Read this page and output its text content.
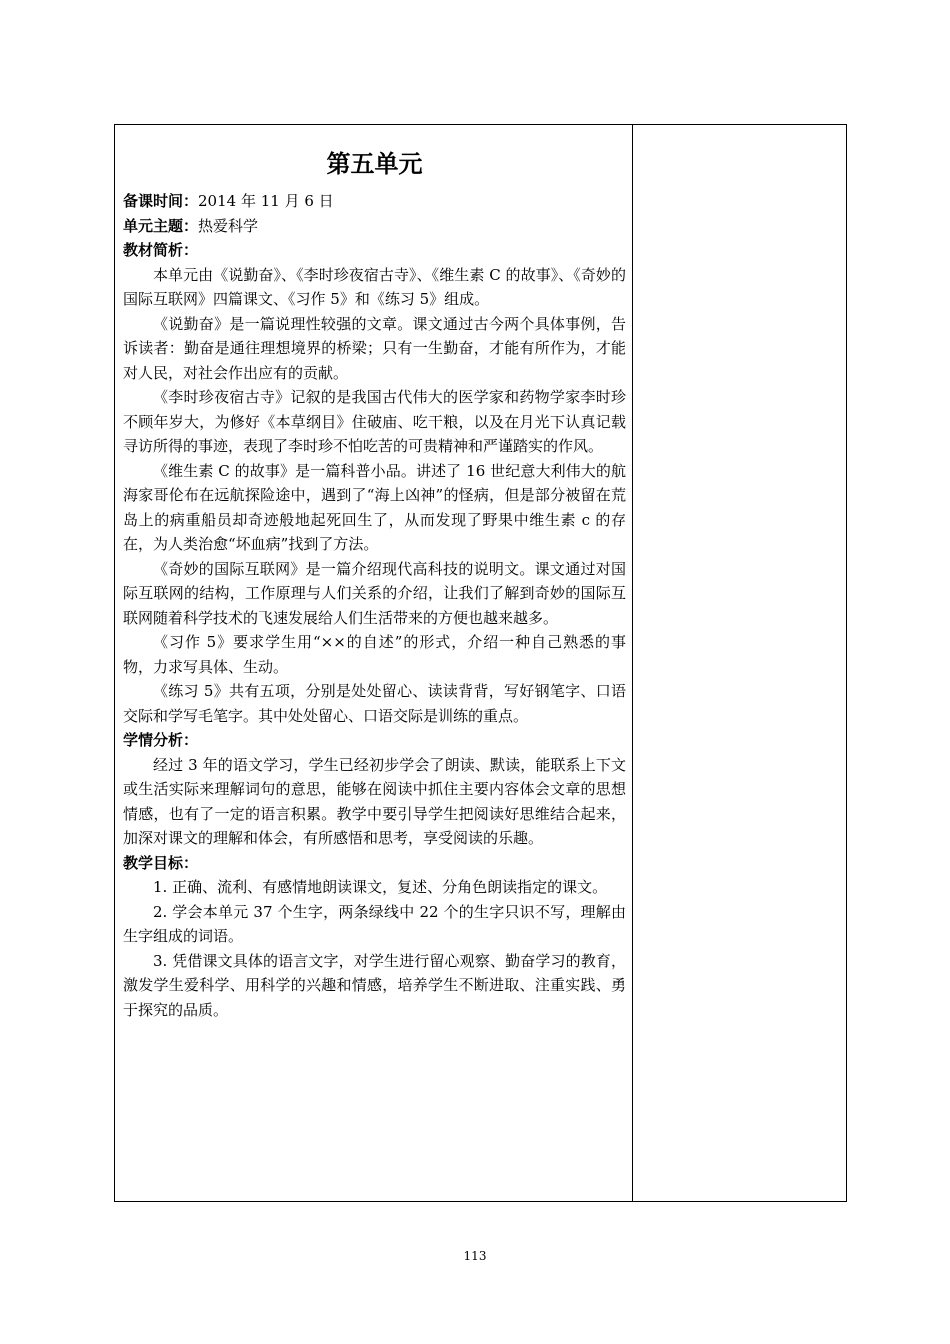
第五单元
备课时间：2014 年 11 月 6 日
单元主题：热爱科学
教材简析：

本单元由《说勤奋》、《李时珍夜宿古寺》、《维生素 C 的故事》、《奇妙的国际互联网》四篇课文、《习作 5》和《练习 5》组成。

《说勤奋》是一篇说理性较强的文章。课文通过古今两个具体事例，告诉读者：勤奋是通往理想境界的桥梁；只有一生勤奋，才能有所作为，才能对人民，对社会作出应有的贡献。

《李时珍夜宿古寺》记叙的是我国古代伟大的医学家和药物学家李时珍不顾年岁大，为修好《本草纲目》住破庙、吃干粮，以及在月光下认真记载寻访所得的事迹，表现了李时珍不怕吃苦的可贵精神和严谨踏实的作风。

《维生素 C 的故事》是一篇科普小品。讲述了 16 世纪意大利伟大的航海家哥伦布在远航探险途中，遇到了“海上凶神”的怪病，但是部分被留在荒岛上的病重船员却奇迹般地起死回生了，从而发现了野果中维生素 c 的存在，为人类治愈“坏血病”找到了方法。

《奇妙的国际互联网》是一篇介绍现代高科技的说明文。课文通过对国际互联网的结构，工作原理与人们关系的介绍，让我们了解到奇妙的国际互联网随着科学技术的飞速发展给人们生活带来的方便也越来越多。

《习作 5》要求学生用“××的自述”的形式，介绍一种自己熟悉的事物，力求写具体、生动。

《练习 5》共有五项，分别是处处留心、读读背背，写好钢笔字、口语交际和学写毛笔字。其中处处留心、口语交际是训练的重点。

学情分析：

经过 3 年的语文学习，学生已经初步学会了朗读、默读，能联系上下文或生活实际来理解词句的意思，能够在阅读中抓住主要内容体会文章的思想情感，也有了一定的语言积累。教学中要引导学生把阅读好思维结合起来，加深对课文的理解和体会，有所感悟和思考，享受阅读的乐趣。

教学目标：

1. 正确、流利、有感情地朗读课文，复述、分角色朗读指定的课文。

2. 学会本单元 37 个生字，两条绿线中 22 个的生字只识不写，理解由生字组成的词语。

3. 凭借课文具体的语言文字，对学生进行留心观察、勤奋学习的教育，激发学生爱科学、用科学的兴趣和情感，培养学生不断进取、注重实践、勇于探究的品质。

113
